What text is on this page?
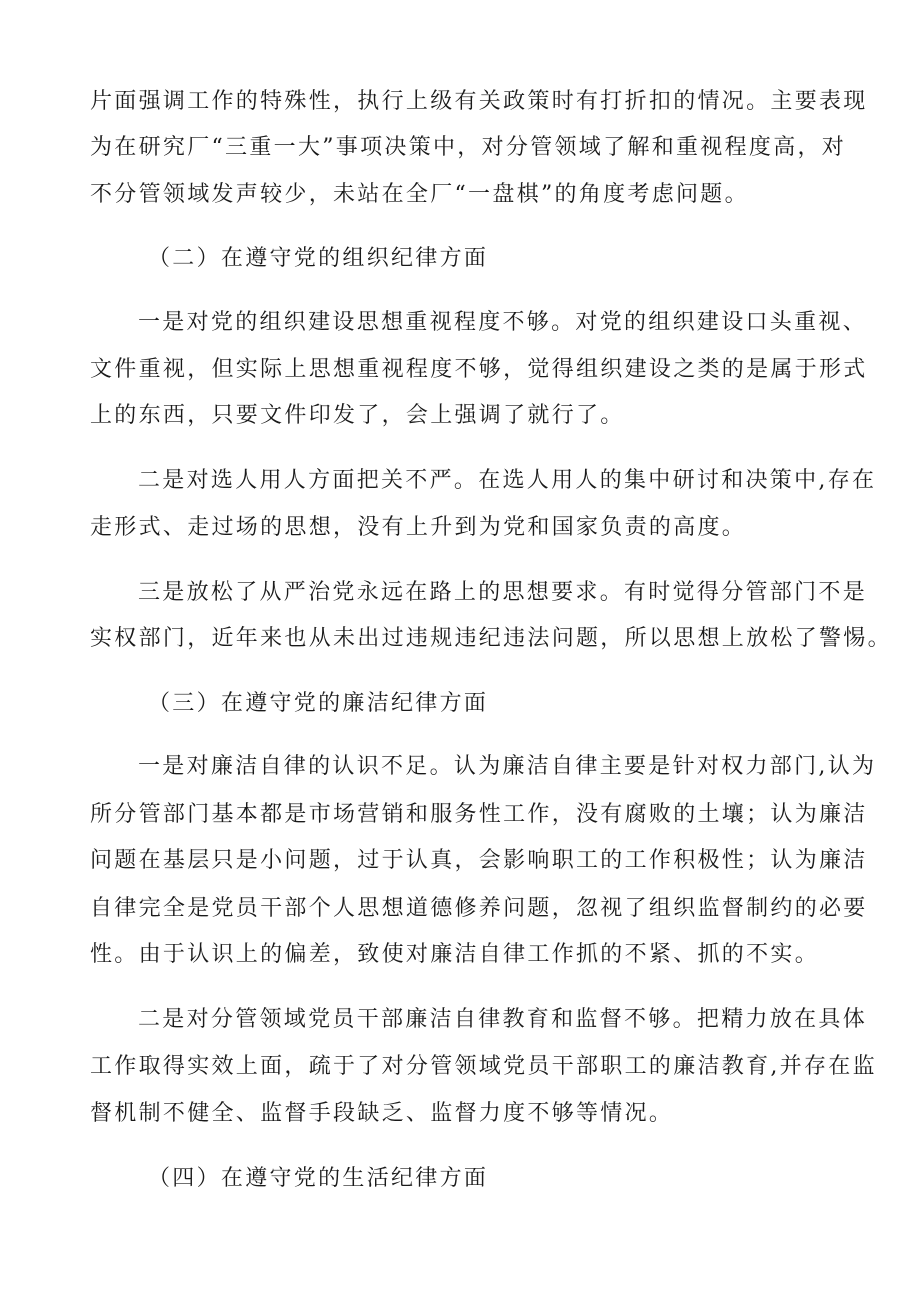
片面强调工作的特殊性，执行上级有关政策时有打折扣的情况。主要表现
为在研究厂“三重一大”事项决策中，对分管领域了解和重视程度高，对
不分管领域发声较少，未站在全厂“一盘棋”的角度考虑问题。
（二）在遵守党的组织纪律方面
一是对党的组织建设思想重视程度不够。对党的组织建设口头重视、
文件重视，但实际上思想重视程度不够，觉得组织建设之类的是属于形式
上的东西，只要文件印发了，会上强调了就行了。
二是对选人用人方面把关不严。在选人用人的集中研讨和决策中,存在
走形式、走过场的思想，没有上升到为党和国家负责的高度。
三是放松了从严治党永远在路上的思想要求。有时觉得分管部门不是
实权部门，近年来也从未出过违规违纪违法问题，所以思想上放松了警惕。
（三）在遵守党的廉洁纪律方面
一是对廉洁自律的认识不足。认为廉洁自律主要是针对权力部门,认为
所分管部门基本都是市场营销和服务性工作，没有腐败的土壤；认为廉洁
问题在基层只是小问题，过于认真，会影响职工的工作积极性；认为廉洁
自律完全是党员干部个人思想道德修养问题，忽视了组织监督制约的必要
性。由于认识上的偏差，致使对廉洁自律工作抓的不紧、抓的不实。
二是对分管领域党员干部廉洁自律教育和监督不够。把精力放在具体
工作取得实效上面，疏于了对分管领域党员干部职工的廉洁教育,并存在监
督机制不健全、监督手段缺乏、监督力度不够等情况。
（四）在遵守党的生活纪律方面
